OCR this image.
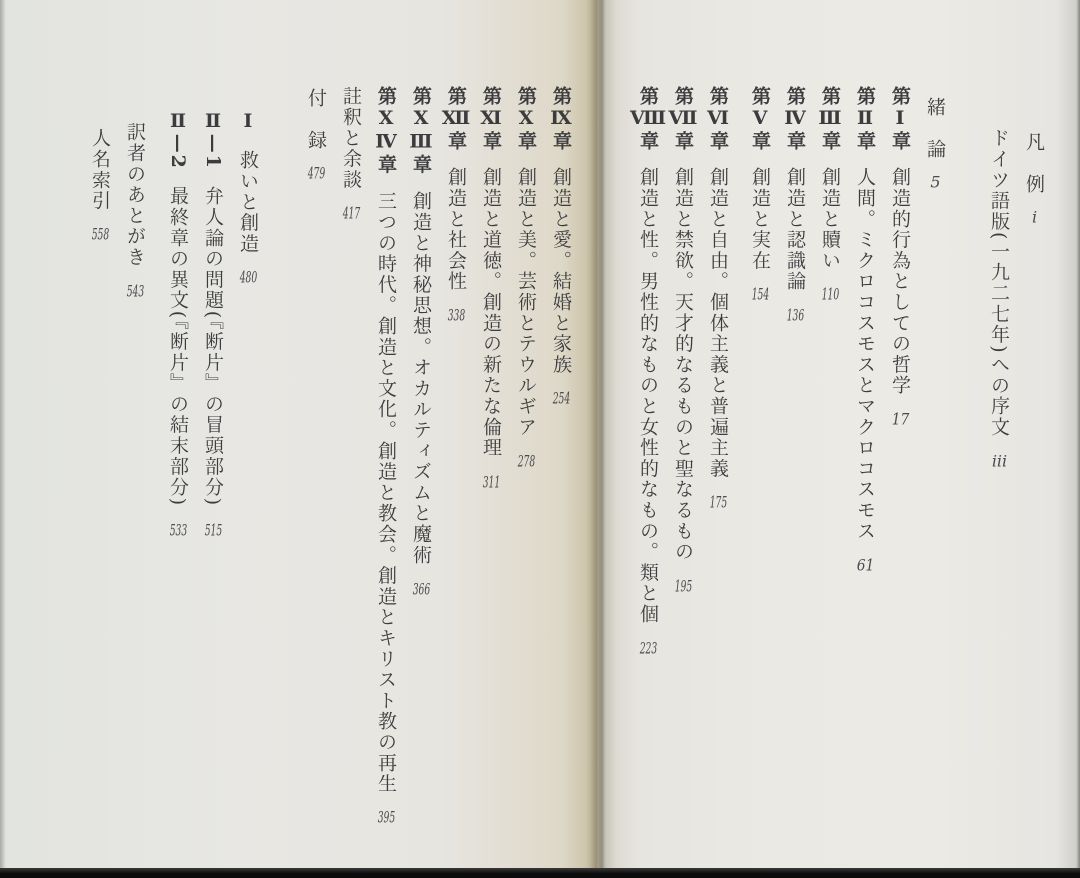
第Ⅸ章創造と愛。結婚と家族254
第Ⅹ章創造と美。芸術とテウルギア278
第Ⅺ章創造と道徳。創造の新たな倫理311
第Ⅻ章創造と社会性338
第ⅩⅢ章創造と神秘思想。オカルティズムと魔術366
第ⅩⅣ章三つの時代。創造と文化。創造と教会。創造とキリスト教の再生395
註釈と余談417
付　録479
Ⅰ救いと創造480
Ⅱ—1弁人論の問題(『断片』の冒頭部分)515
Ⅱ—2最終章の異文(『断片』の結末部分)533
訳者のあとがき543
人名索引558
凡　例i
ドイツ語版(一九二七年)への序文iii
緒　論5
第Ⅰ章創造的行為としての哲学17
第Ⅱ章人間。ミクロコスモスとマクロコスモス61
第Ⅲ章創造と贖い110
第Ⅳ章創造と認識論136
第Ⅴ章創造と実在154
第Ⅵ章創造と自由。個体主義と普遍主義175
第Ⅶ章創造と禁欲。天才的なるものと聖なるもの195
第Ⅷ章創造と性。男性的なものと女性的なもの。類と個223
